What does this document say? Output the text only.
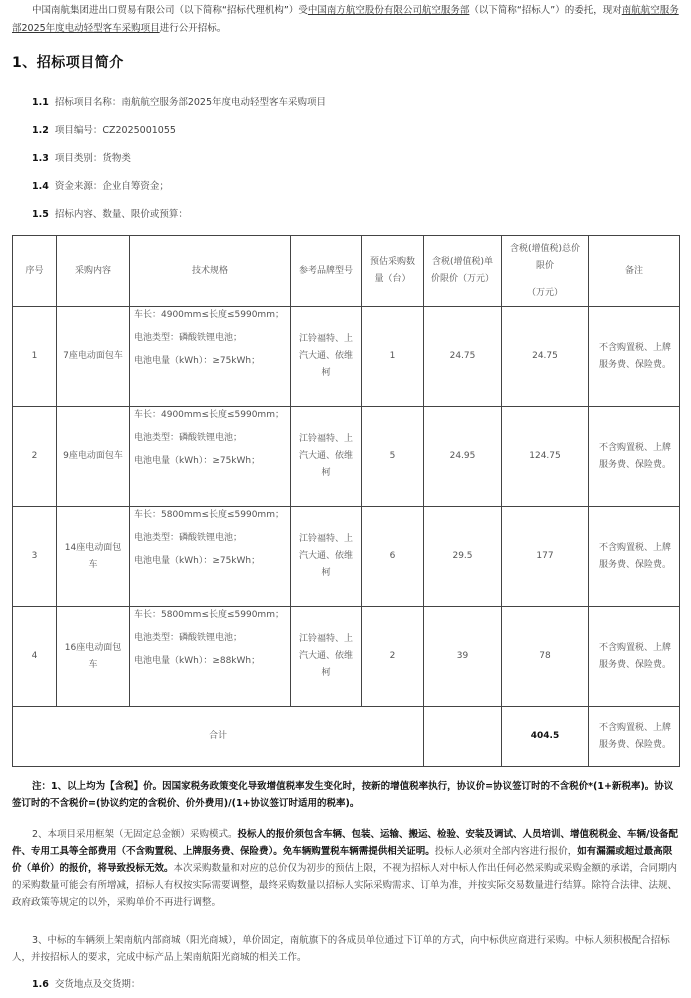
中国南航集团进出口贸易有限公司（以下简称“招标代理机构”）受中国南方航空股份有限公司航空服务部（以下简称“招标人”）的委托，现对南航航空服务部2025年度电动轻型客车采购项目进行公开招标。
1、招标项目简介
1.1 招标项目名称：南航航空服务部2025年度电动轻型客车采购项目
1.2 项目编号：CZ2025001055
1.3 项目类别：货物类
1.4 资金来源：企业自筹资金；
1.5 招标内容、数量、限价或预算：
序号	采购内容	技术规格	参考品牌型号	预估采购数量（台）	含税(增值税)单价限价（万元）	含税(增值税)总价限价
（万元）	备注
1	7座电动面包车	车长：4900mm≤长度≤5990mm；
电池类型：磷酸铁锂电池；
电池电量（kWh）：≥75kWh；	江铃福特、上汽大通、依维柯	1	24.75	24.75	不含购置税、上牌服务费、保险费。
2	9座电动面包车	车长：4900mm≤长度≤5990mm；
电池类型：磷酸铁锂电池；
电池电量（kWh）：≥75kWh；	江铃福特、上汽大通、依维柯	5	24.95	124.75	不含购置税、上牌服务费、保险费。
3	14座电动面包车	车长：5800mm≤长度≤5990mm；
电池类型：磷酸铁锂电池；
电池电量（kWh）：≥75kWh；	江铃福特、上汽大通、依维柯	6	29.5	177	不含购置税、上牌服务费、保险费。
4	16座电动面包车	车长：5800mm≤长度≤5990mm；
电池类型：磷酸铁锂电池；
电池电量（kWh）：≥88kWh；	江铃福特、上汽大通、依维柯	2	39	78	不含购置税、上牌服务费、保险费。
合计						404.5	不含购置税、上牌服务费、保险费。
注：1、以上均为【含税】价。因国家税务政策变化导致增值税率发生变化时，按新的增值税率执行，协议价=协议签订时的不含税价*(1+新税率)。协议签订时的不含税价=(协议约定的含税价、价外费用)/(1+协议签订时适用的税率)。
2、本项目采用框架（无固定总金额）采购模式。投标人的报价须包含车辆、包装、运输、搬运、检验、安装及调试、人员培训、增值税税金、车辆/设备配件、专用工具等全部费用（不含购置税、上牌服务费、保险费）。免车辆购置税车辆需提供相关证明。投标人必须对全部内容进行报价，如有漏漏或超过最高限价（单价）的报价，将导致投标无效。本次采购数量和对应的总价仅为初步的预估上限，不视为招标人对中标人作出任何必然采购或采购金额的承诺，合同期内的采购数量可能会有所增减，招标人有权按实际需要调整，最终采购数量以招标人实际采购需求、订单为准，并按实际交易数量进行结算。除符合法律、法规、政府政策等规定的以外，采购单价不再进行调整。
3、中标的车辆须上架南航内部商城（阳光商城），单价固定，南航旗下的各成员单位通过下订单的方式，向中标供应商进行采购。中标人须积极配合招标人，并按招标人的要求，完成中标产品上架南航阳光商城的相关工作。
1.6 交货地点及交货期：
